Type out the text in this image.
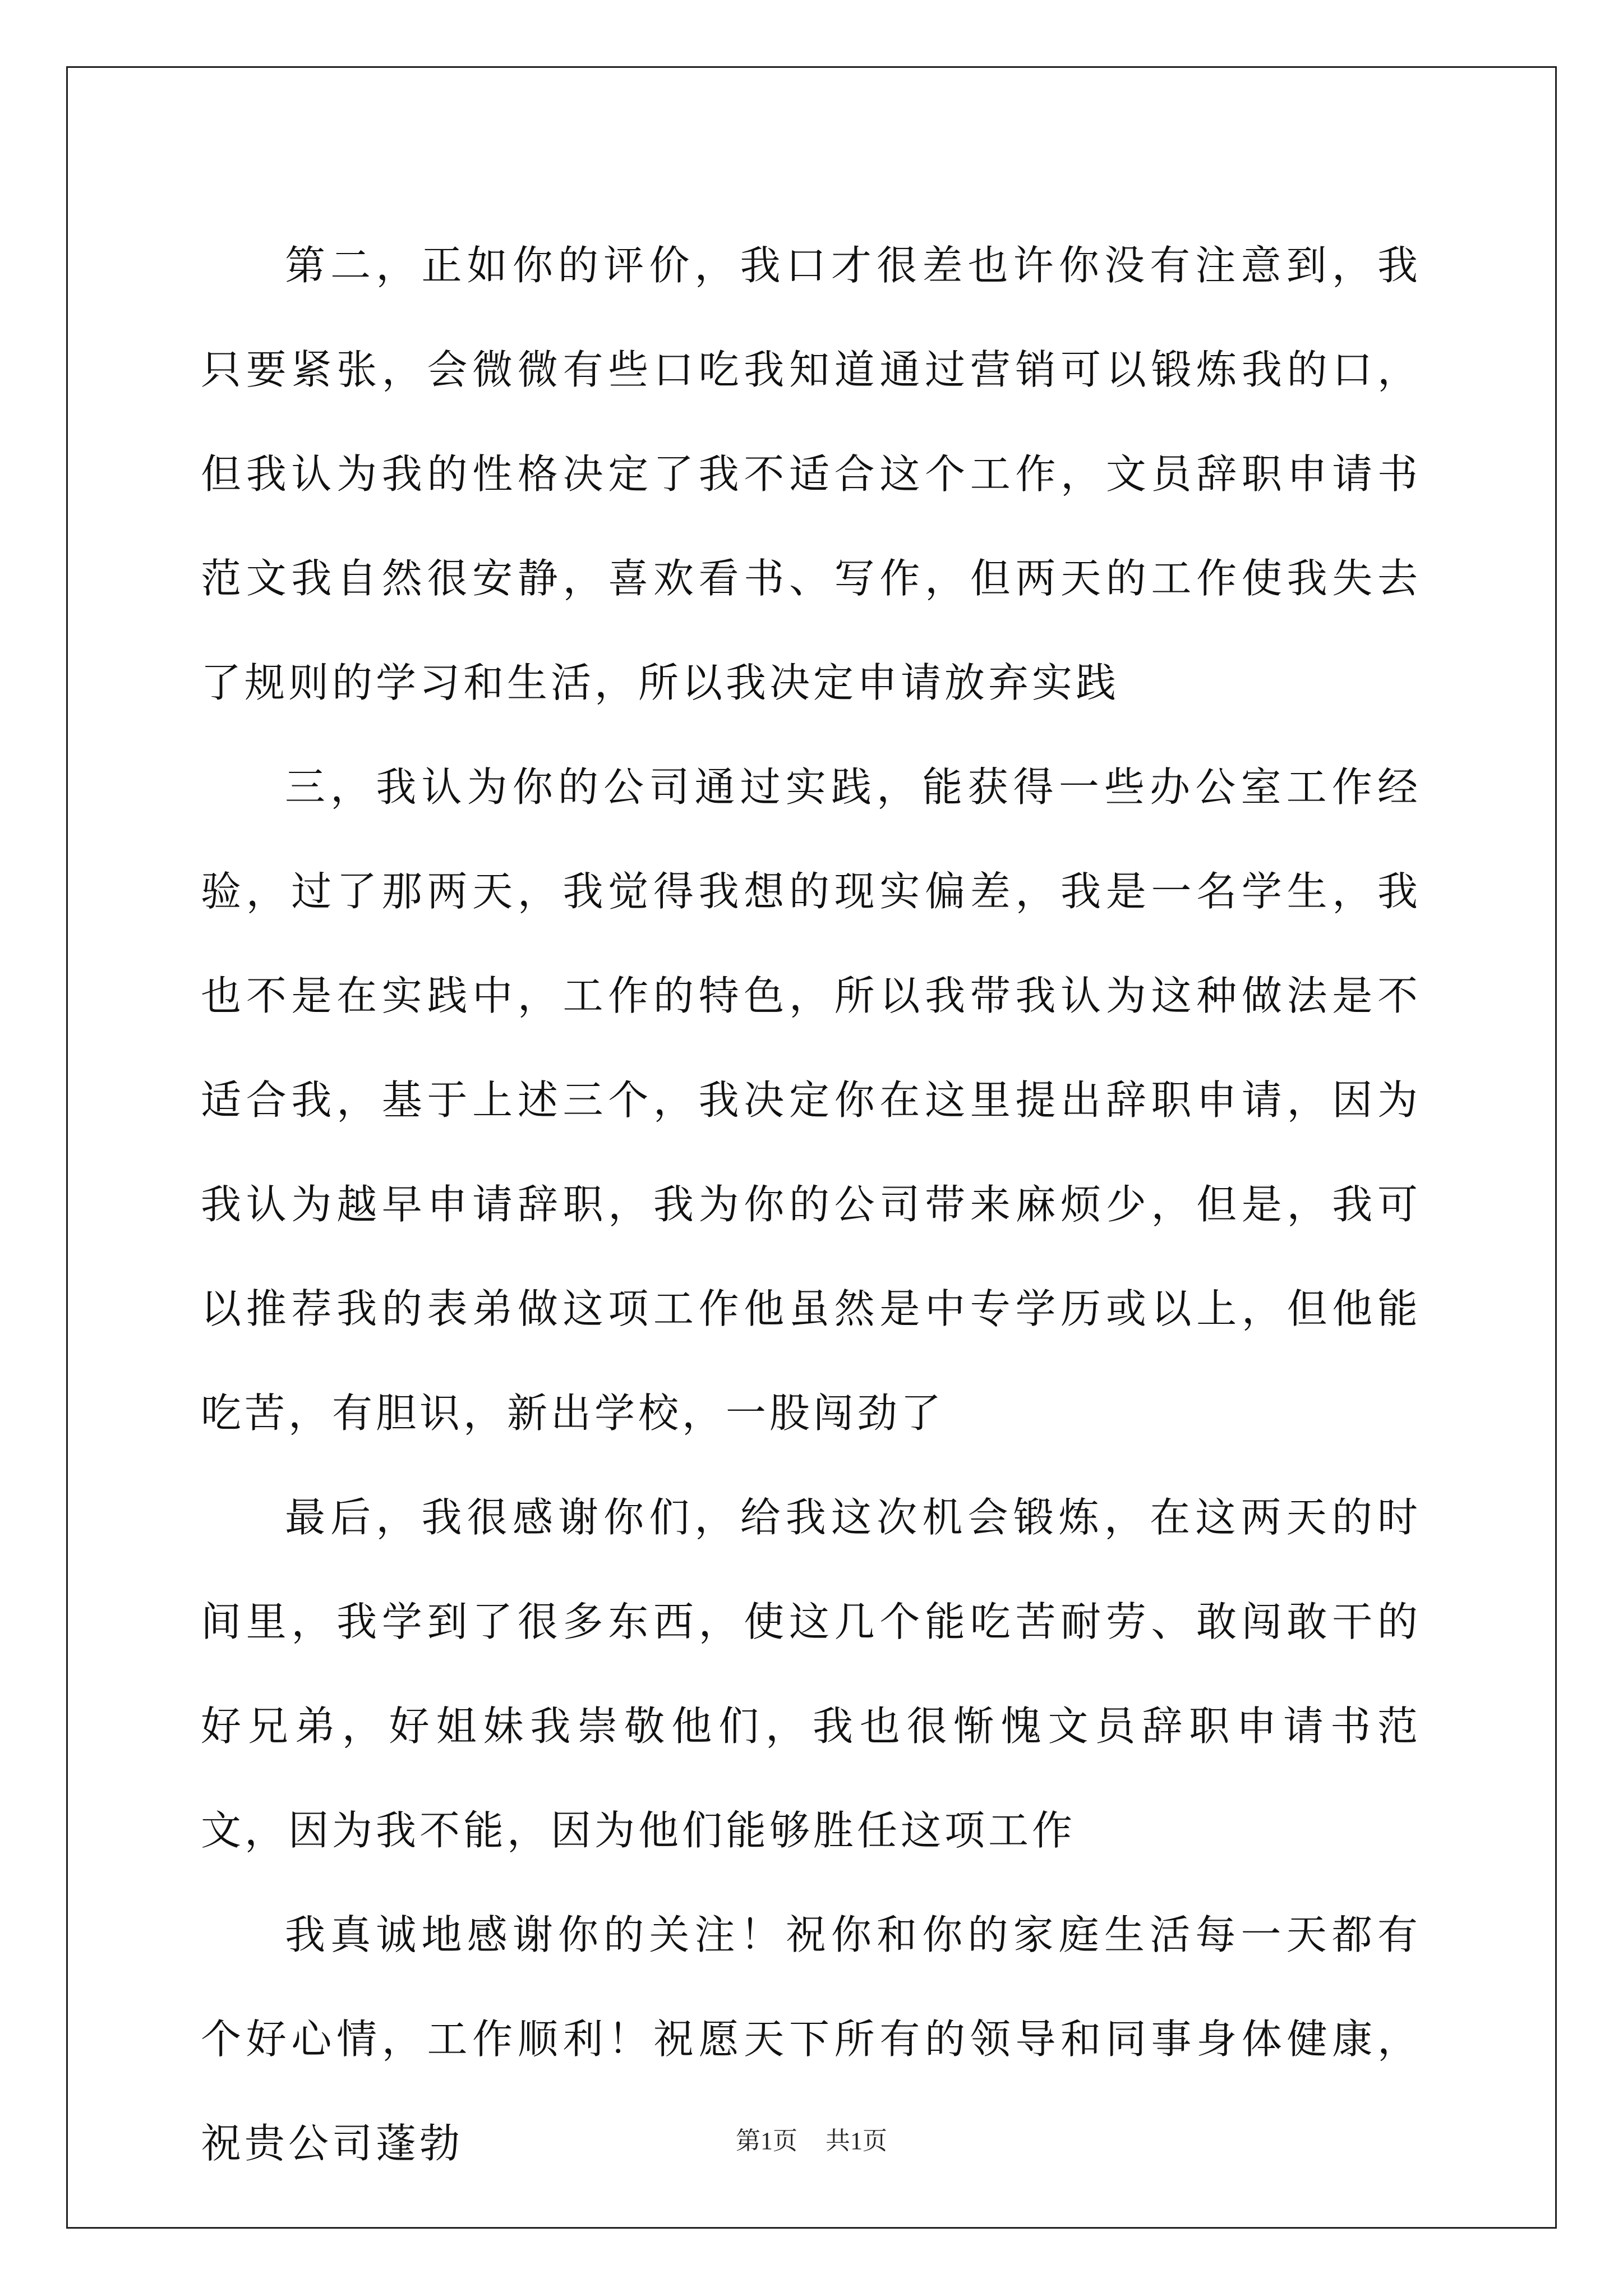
第二，正如你的评价，我口才很差也许你没有注意到，我只要紧张，会微微有些口吃我知道通过营销可以锻炼我的口，但我认为我的性格决定了我不适合这个工作，文员辞职申请书范文我自然很安静，喜欢看书、写作，但两天的工作使我失去了规则的学习和生活，所以我决定申请放弃实践

三，我认为你的公司通过实践，能获得一些办公室工作经验，过了那两天，我觉得我想的现实偏差，我是一名学生，我也不是在实践中，工作的特色，所以我带我认为这种做法是不适合我，基于上述三个，我决定你在这里提出辞职申请，因为我认为越早申请辞职，我为你的公司带来麻烦少，但是，我可以推荐我的表弟做这项工作他虽然是中专学历或以上，但他能吃苦，有胆识，新出学校，一股闯劲了

最后，我很感谢你们，给我这次机会锻炼，在这两天的时间里，我学到了很多东西，使这几个能吃苦耐劳、敢闯敢干的好兄弟，好姐妹我崇敬他们，我也很惭愧文员辞职申请书范文，因为我不能，因为他们能够胜任这项工作

我真诚地感谢你的关注！祝你和你的家庭生活每一天都有个好心情，工作顺利！祝愿天下所有的领导和同事身体健康，祝贵公司蓬勃	第1页 共1页
